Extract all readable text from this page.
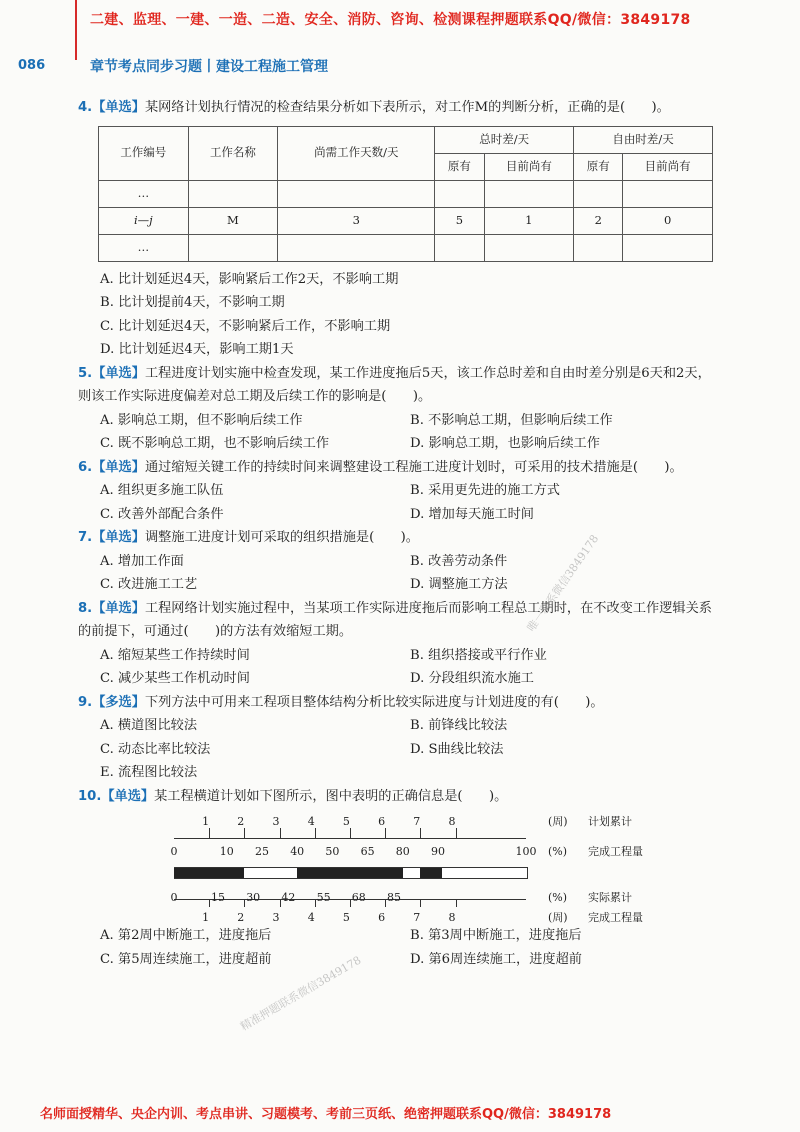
二建、监理、一建、一造、二造、安全、消防、咨询、检测课程押题联系QQ/微信：3849178
086	章节考点同步习题丨建设工程施工管理
4.【单选】某网络计划执行情况的检查结果分析如下表所示，对工作M的判断分析，正确的是(　　)。
工作编号	工作名称	尚需工作天数/天	总时差/天		自由时差/天	
			原有	目前尚有	原有	目前尚有
…						
i—j	M	3	5	1	2	0
…						
A. 比计划延迟4天，影响紧后工作2天，不影响工期
B. 比计划提前4天，不影响工期
C. 比计划延迟4天，不影响紧后工作，不影响工期
D. 比计划延迟4天，影响工期1天
5.【单选】工程进度计划实施中检查发现，某工作进度拖后5天，该工作总时差和自由时差分别是6天和2天，则该工作实际进度偏差对总工期及后续工作的影响是(　　)。
A. 影响总工期，但不影响后续工作	B. 不影响总工期，但影响后续工作
C. 既不影响总工期，也不影响后续工作	D. 影响总工期，也影响后续工作
6.【单选】通过缩短关键工作的持续时间来调整建设工程施工进度计划时，可采用的技术措施是(　　)。
A. 组织更多施工队伍	B. 采用更先进的施工方式
C. 改善外部配合条件	D. 增加每天施工时间
7.【单选】调整施工进度计划可采取的组织措施是(　　)。
A. 增加工作面	B. 改善劳动条件
C. 改进施工工艺	D. 调整施工方法
8.【单选】工程网络计划实施过程中，当某项工作实际进度拖后而影响工程总工期时，在不改变工作逻辑关系的前提下，可通过(　　)的方法有效缩短工期。
A. 缩短某些工作持续时间	B. 组织搭接或平行作业
C. 减少某些工作机动时间	D. 分段组织流水施工
9.【多选】下列方法中可用来工程项目整体结构分析比较实际进度与计划进度的有(　　)。
A. 横道图比较法	B. 前锋线比较法
C. 动态比率比较法	D. S曲线比较法
E. 流程图比较法
10.【单选】某工程横道计划如下图所示，图中表明的正确信息是(　　)。
1	2	3	4	5	6	7	8	(周) 计划累计
0	10 25 40 50 65 80 90	100 (%) 完成工程量
0	15 30 42 55 68 85	(%) 实际累计
1	2	3	4	5	6	7	8	(周) 完成工程量
A. 第2周中断施工，进度拖后	B. 第3周中断施工，进度拖后
C. 第5周连续施工，进度超前	D. 第6周连续施工，进度超前
唯一联系微信3849178
精准押题联系微信3849178
名师面授精华、央企内训、考点串讲、习题模考、考前三页纸、绝密押题联系QQ/微信：3849178
